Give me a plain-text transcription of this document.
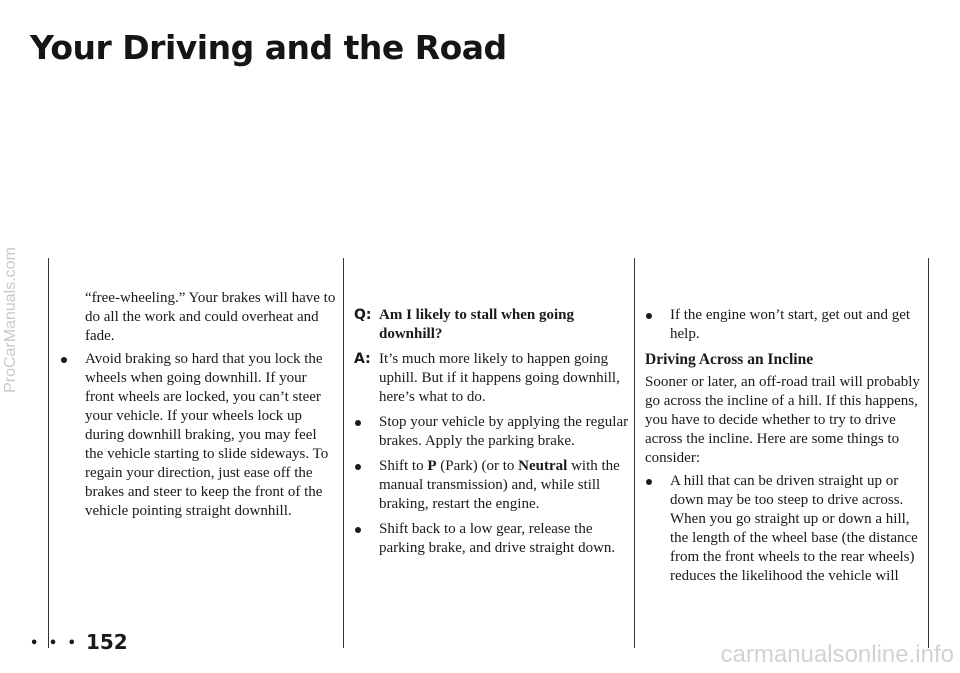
Your Driving and the Road
ProCarManuals.com	“free-wheeling.” Your brakes will have to do all the work and could overheat and fade.

Avoid braking so hard that you lock the wheels when going downhill. If your front wheels are locked, you can’t steer your vehicle. If your wheels lock up during downhill braking, you may feel the vehicle starting to slide sideways. To regain your direction, just ease off the brakes and steer to keep the front of the vehicle pointing straight downhill.
Q: Am I likely to stall when going downhill?
A: It’s much more likely to happen going uphill. But if it happens going downhill, here’s what to do.
Stop your vehicle by applying the regular brakes. Apply the parking brake.
Shift to P (Park) (or to Neutral with the manual transmission) and, while still braking, restart the engine.
Shift back to a low gear, release the parking brake, and drive straight down.
If the engine won’t start, get out and get help.
Driving Across an Incline

Sooner or later, an off-road trail will probably go across the incline of a hill. If this happens, you have to decide whether to try to drive across the incline. Here are some things to consider:

A hill that can be driven straight up or down may be too steep to drive across. When you go straight up or down a hill, the length of the wheel base (the distance from the front wheels to the rear wheels) reduces the likelihood the vehicle will
• • • 152	carmanualsonline.info
